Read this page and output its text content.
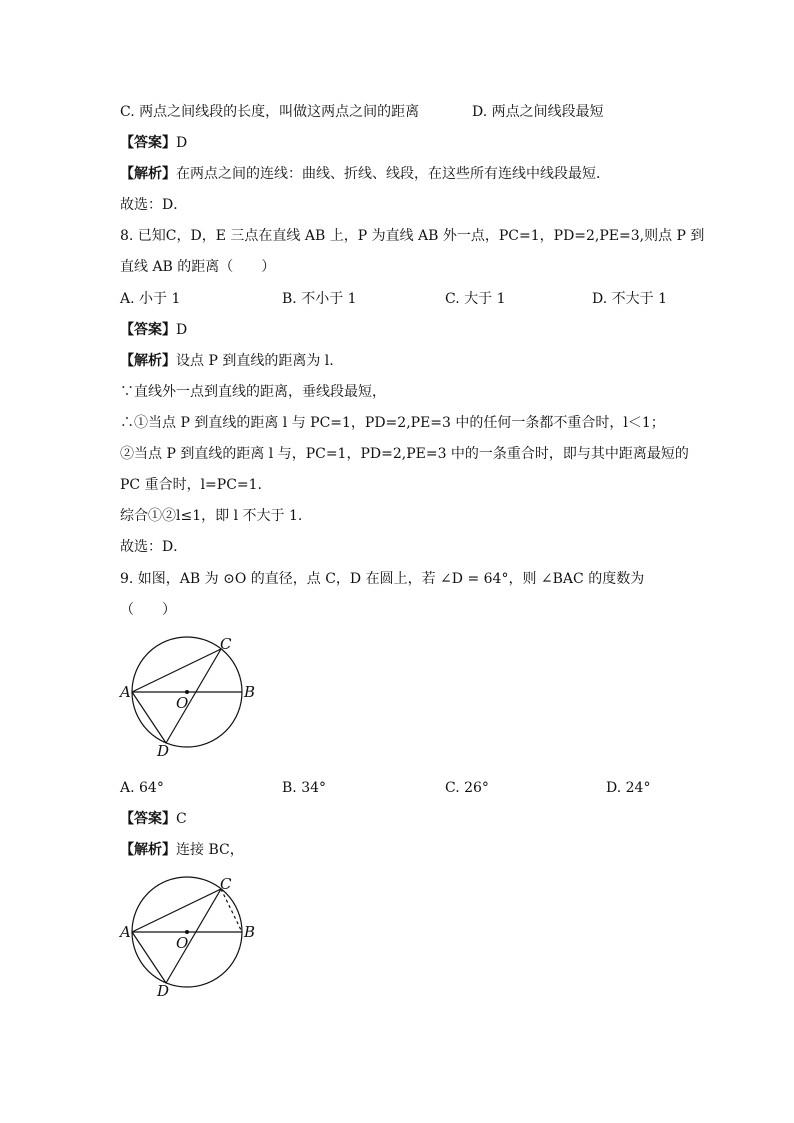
C. 两点之间线段的长度，叫做这两点之间的距离	D. 两点之间线段最短
【答案】D
【解析】在两点之间的连线：曲线、折线、线段，在这些所有连线中线段最短．
故选：D．
8. 已知C，D，E 三点在直线 AB 上，P 为直线 AB 外一点，PC=1，PD=2,PE=3,则点 P 到
直线 AB 的距离（　　）
A. 小于 1	B. 不小于 1	C. 大于 1	D. 不大于 1
【答案】D
【解析】设点 P 到直线的距离为 l.
∵直线外一点到直线的距离，垂线段最短，
∴①当点 P 到直线的距离 l 与 PC=1，PD=2,PE=3 中的任何一条都不重合时，l＜1；
②当点 P 到直线的距离 l 与，PC=1，PD=2,PE=3 中的一条重合时，即与其中距离最短的
PC 重合时，l=PC=1.
综合①②l≤1，即 l 不大于 1.
故选：D．
9. 如图，AB 为 ⊙O 的直径，点 C，D 在圆上，若 ∠D = 64°，则 ∠BAC 的度数为
（　　）
A	B
C
D
O
A. 64°	B. 34°	C. 26°	D. 24°
【答案】C
【解析】连接 BC，
A	B
C
D
O
